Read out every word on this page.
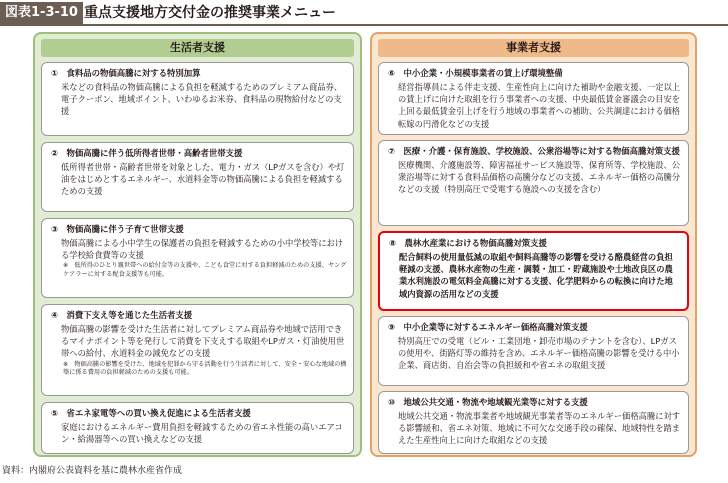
図表1-3-10 重点支援地方交付金の推奨事業メニュー
生活者支援
①　食料品の物価高騰に対する特別加算
米などの食料品の物価高騰による負担を軽減するためのプレミアム商品券、電子クーポン、地域ポイント、いわゆるお米券、食料品の現物給付などの支援
②　物価高騰に伴う低所得者世帯・高齢者世帯支援
低所得者世帯・高齢者世帯を対象とした、電力・ガス（LPガスを含む）や灯油をはじめとするエネルギー、水道料金等の物価高騰による負担を軽減するための支援
③　物価高騰に伴う子育て世帯支援
物価高騰による小中学生の保護者の負担を軽減するための小中学校等における学校給食費等の支援
※　低所得のひとり親世帯への給付金等の支援や、こども食堂に対する負担軽減のための支援、ヤングケアラーに対する配食支援等も可能。
④　消費下支え等を通じた生活者支援
物価高騰の影響を受けた生活者に対してプレミアム商品券や地域で活用できるマイナポイント等を発行して消費を下支えする取組やLPガス・灯油使用世帯への給付、水道料金の減免などの支援
※　物価高騰の影響を受けた、地域を犯罪から守る活動を行う生活者に対して、安全・安心な地域の構築に係る費用の負担軽減のための支援も可能。
⑤　省エネ家電等への買い換え促進による生活者支援
家庭におけるエネルギー費用負担を軽減するための省エネ性能の高いエアコン・給湯器等への買い換えなどの支援
事業者支援
⑥　中小企業・小規模事業者の賃上げ環境整備
経営指導員による伴走支援、生産性向上に向けた補助や金融支援、一定以上の賃上げに向けた取組を行う事業者への支援、中央最低賃金審議会の目安を上回る最低賃金引上げを行う地域の事業者への補助、公共調達における価格転嫁の円滑化などの支援
⑦　医療・介護・保育施設、学校施設、公衆浴場等に対する物価高騰対策支援
医療機関、介護施設等、障害福祉サービス施設等、保育所等、学校施設、公衆浴場等に対する食料品価格の高騰分などの支援、エネルギー価格の高騰分などの支援（特別高圧で受電する施設への支援を含む）
⑧　農林水産業における物価高騰対策支援
配合飼料の使用量低減の取組や飼料高騰等の影響を受ける酪農経営の負担軽減の支援、農林水産物の生産・調製・加工・貯蔵施設や土地改良区の農業水利施設の電気料金高騰に対する支援、化学肥料からの転換に向けた地域内資源の活用などの支援
⑨　中小企業等に対するエネルギー価格高騰対策支援
特別高圧での受電（ビル・工業団地・卸売市場のテナントを含む）、LPガスの使用や、街路灯等の維持を含め、エネルギー価格高騰の影響を受ける中小企業、商店街、自治会等の負担緩和や省エネの取組支援
⑩　地域公共交通・物流や地域観光業等に対する支援
地域公共交通・物流事業者や地域観光事業者等のエネルギー価格高騰に対する影響緩和、省エネ対策、地域に不可欠な交通手段の確保、地域特性を踏まえた生産性向上に向けた取組などの支援
資料：内閣府公表資料を基に農林水産省作成
